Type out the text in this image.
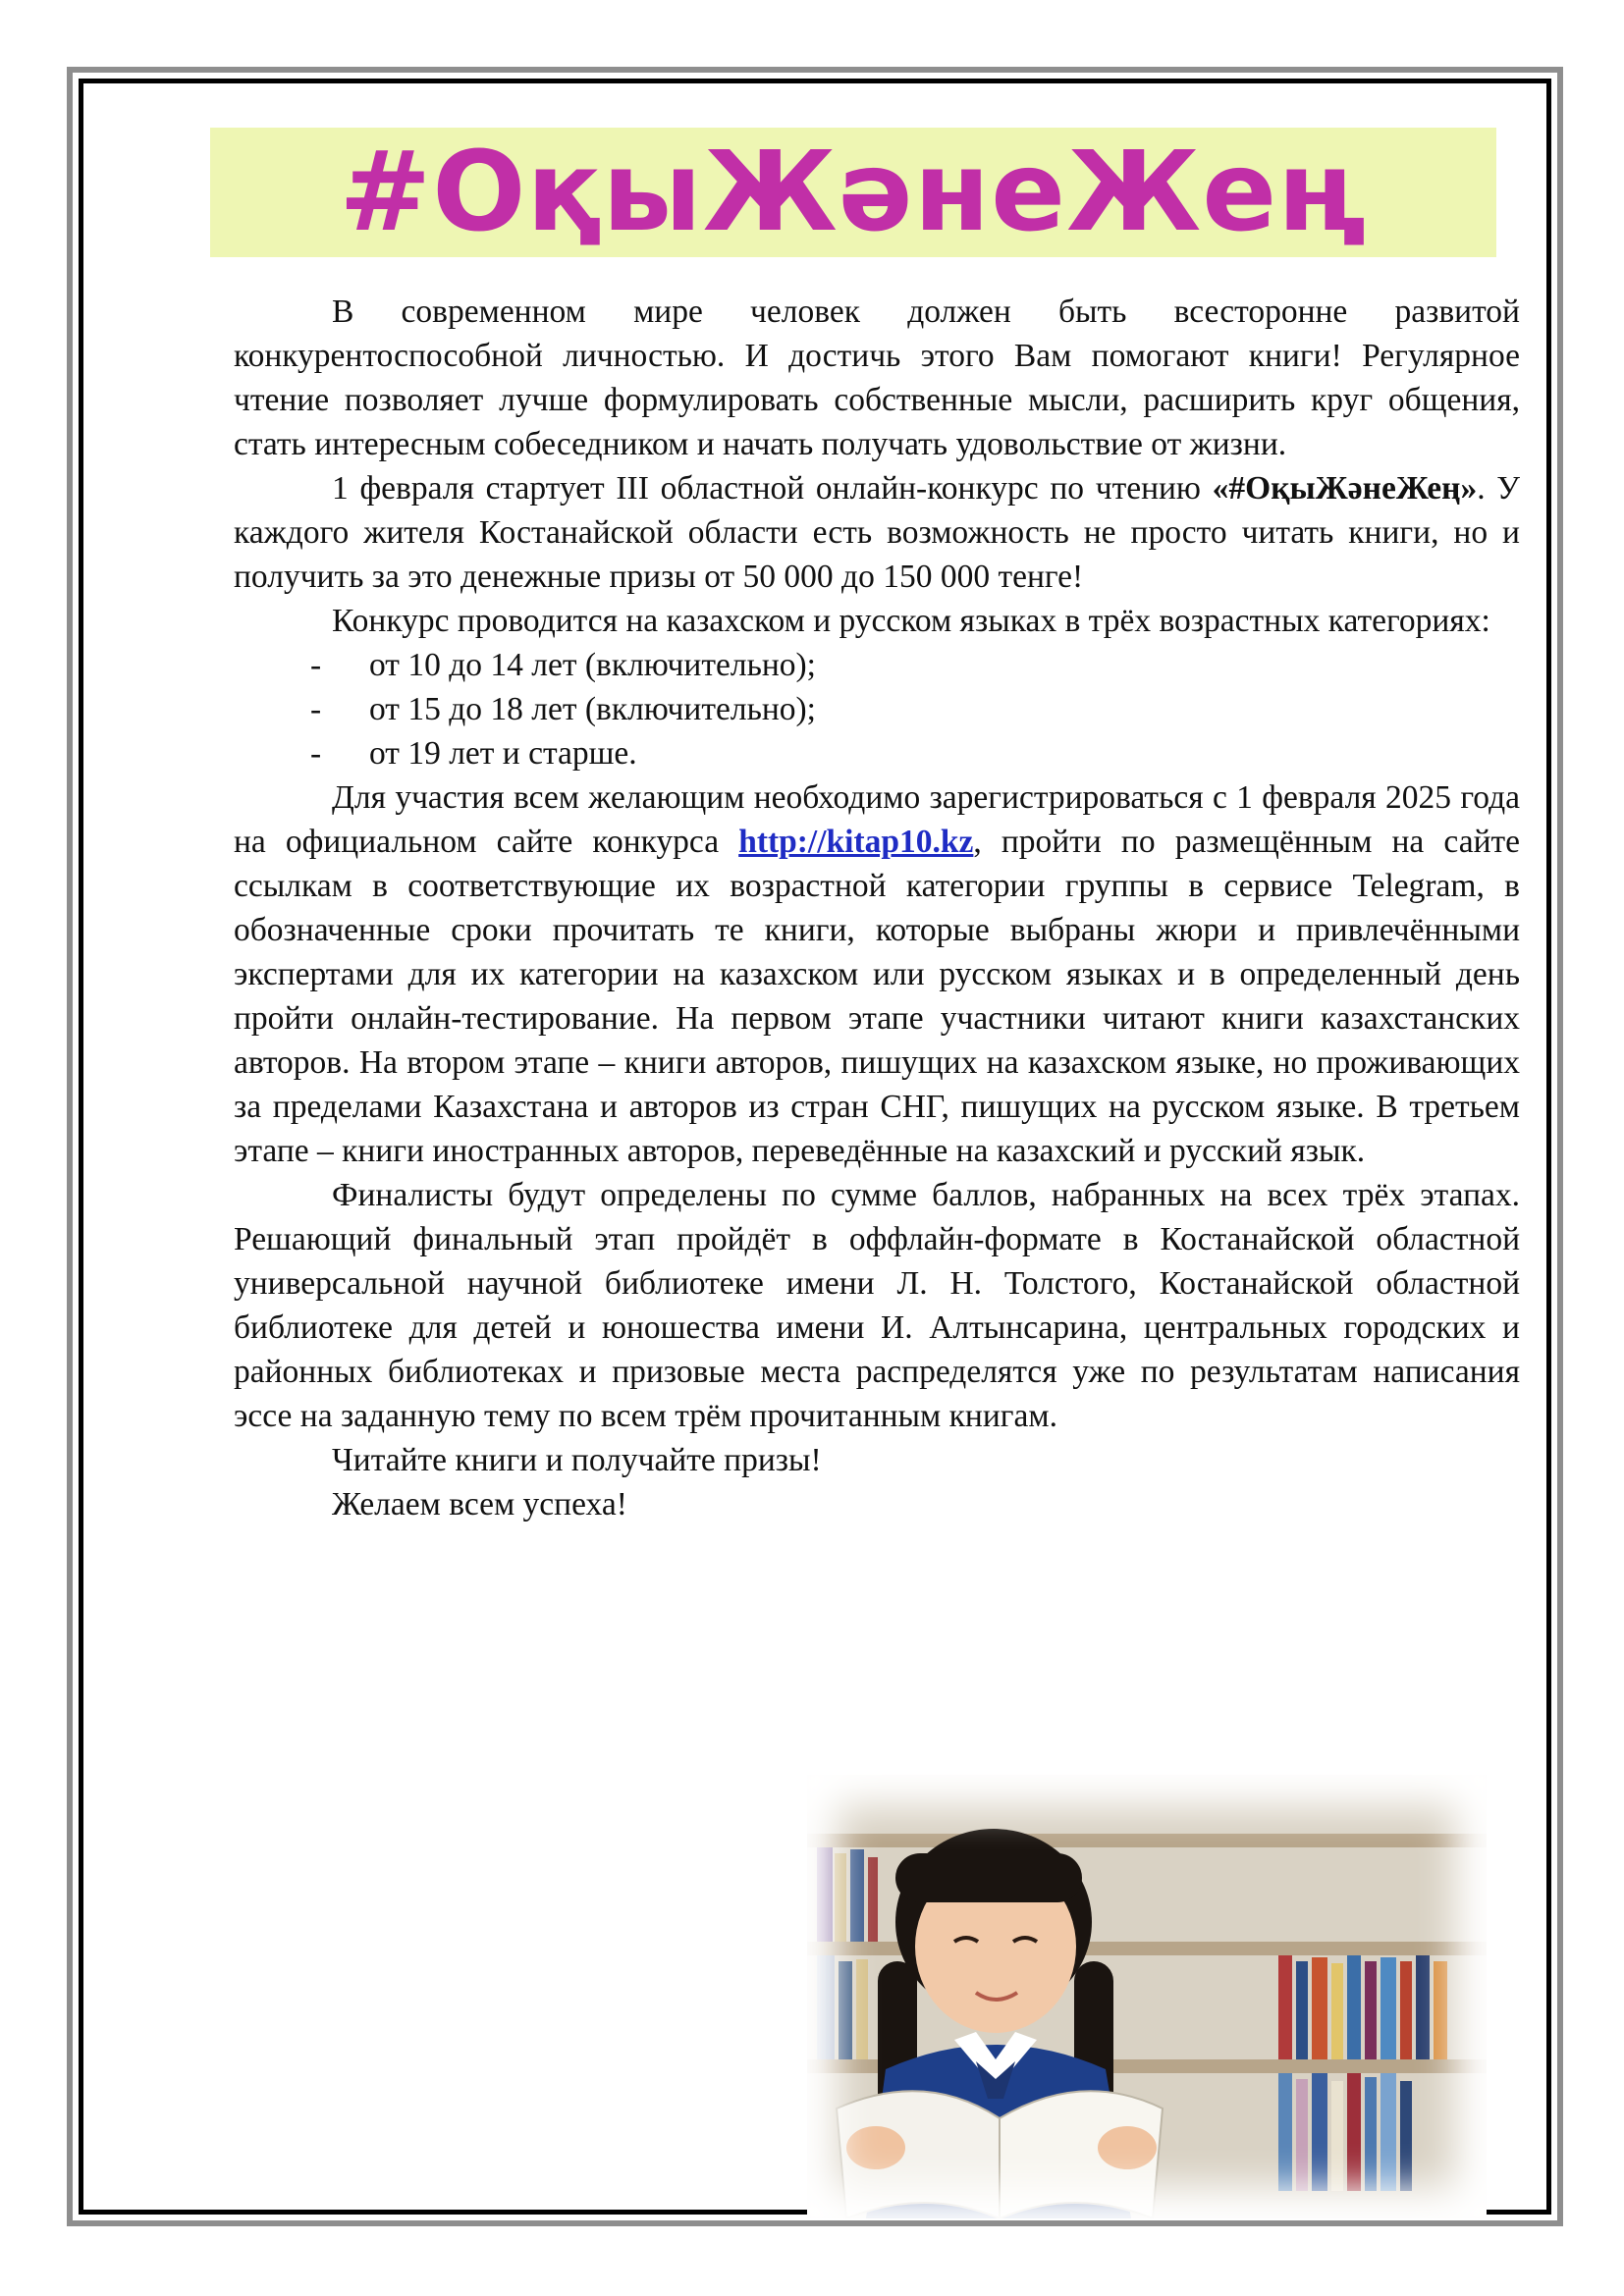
#ОқыЖәнеЖең

В современном мире человек должен быть всесторонне развитой конкурентоспособной личностью. И достичь этого Вам помогают книги! Регулярное чтение позволяет лучше формулировать собственные мысли, расширить круг общения, стать интересным собеседником и начать получать удовольствие от жизни.

1 февраля стартует III областной онлайн-конкурс по чтению «#ОқыЖәнеЖең». У каждого жителя Костанайской области есть возможность не просто читать книги, но и получить за это денежные призы от 50 000 до 150 000 тенге!

Конкурс проводится на казахском и русском языках в трёх возрастных категориях:

- от 10 до 14 лет (включительно);
- от 15 до 18 лет (включительно);
- от 19 лет и старше.

Для участия всем желающим необходимо зарегистрироваться с 1 февраля 2025 года на официальном сайте конкурса http://kitap10.kz, пройти по размещённым на сайте ссылкам в соответствующие их возрастной категории группы в сервисе Telegram, в обозначенные сроки прочитать те книги, которые выбраны жюри и привлечёнными экспертами для их категории на казахском или русском языках и в определенный день пройти онлайн-тестирование. На первом этапе участники читают книги казахстанских авторов. На втором этапе – книги авторов, пишущих на казахском языке, но проживающих за пределами Казахстана и авторов из стран СНГ, пишущих на русском языке. В третьем этапе – книги иностранных авторов, переведённые на казахский и русский язык.

Финалисты будут определены по сумме баллов, набранных на всех трёх этапах. Решающий финальный этап пройдёт в оффлайн-формате в Костанайской областной универсальной научной библиотеке имени Л. Н. Толстого, Костанайской областной библиотеке для детей и юношества имени И. Алтынсарина, центральных городских и районных библиотеках и призовые места распределятся уже по результатам написания эссе на заданную тему по всем трём прочитанным книгам.

Читайте книги и получайте призы!

Желаем всем успеха!
